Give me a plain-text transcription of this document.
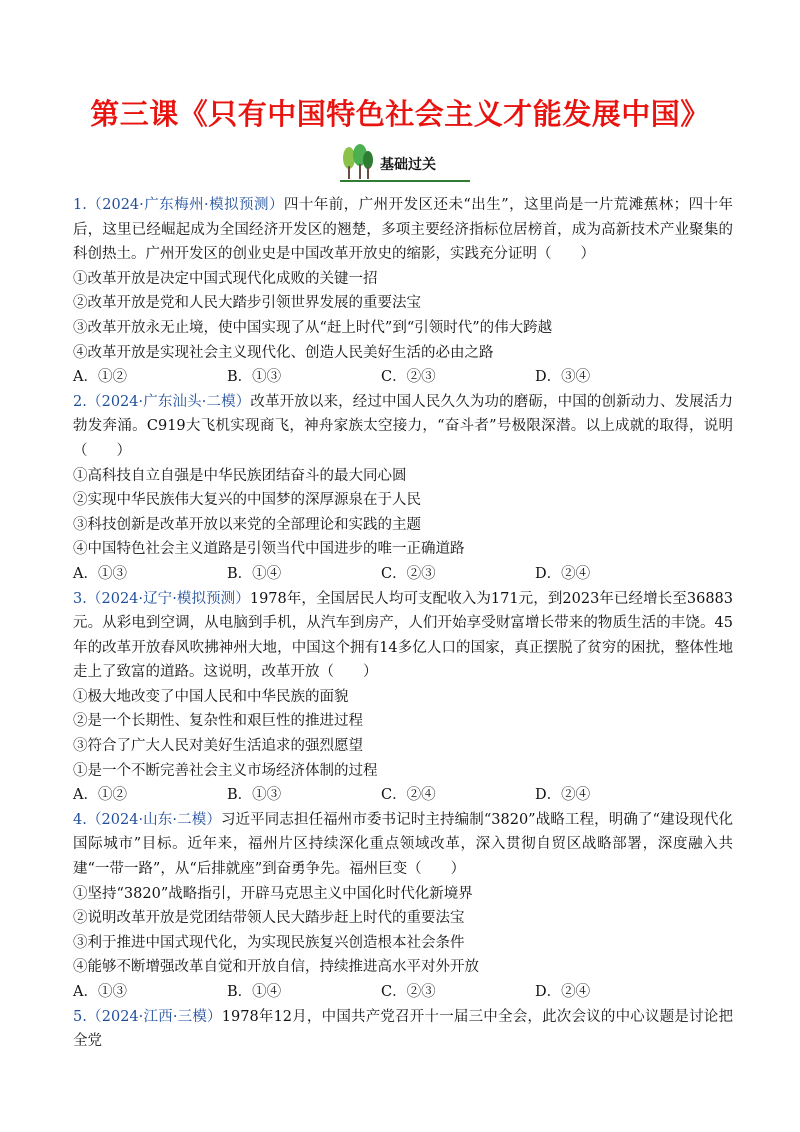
第三课《只有中国特色社会主义才能发展中国》
基础过关

1.（2024·广东梅州·模拟预测）四十年前，广州开发区还未“出生”，这里尚是一片荒滩蕉林；四十年后，这里已经崛起成为全国经济开发区的翘楚，多项主要经济指标位居榜首，成为高新技术产业聚集的科创热土。广州开发区的创业史是中国改革开放史的缩影，实践充分证明（　　）

①改革开放是决定中国式现代化成败的关键一招

②改革开放是党和人民大踏步引领世界发展的重要法宝

③改革开放永无止境，使中国实现了从“赶上时代”到“引领时代”的伟大跨越

④改革开放是实现社会主义现代化、创造人民美好生活的必由之路

A．①②	B．①③	C．②③	D．③④

2.（2024·广东汕头·二模）改革开放以来，经过中国人民久久为功的磨砺，中国的创新动力、发展活力勃发奔涌。C919大飞机实现商飞，神舟家族太空接力，“奋斗者”号极限深潜。以上成就的取得，说明（　　）

①高科技自立自强是中华民族团结奋斗的最大同心圆

②实现中华民族伟大复兴的中国梦的深厚源泉在于人民

③科技创新是改革开放以来党的全部理论和实践的主题

④中国特色社会主义道路是引领当代中国进步的唯一正确道路

A．①③	B．①④	C．②③	D．②④

3.（2024·辽宁·模拟预测）1978年，全国居民人均可支配收入为171元，到2023年已经增长至36883元。从彩电到空调，从电脑到手机，从汽车到房产，人们开始享受财富增长带来的物质生活的丰饶。45年的改革开放春风吹拂神州大地，中国这个拥有14多亿人口的国家，真正摆脱了贫穷的困扰，整体性地走上了致富的道路。这说明，改革开放（　　）

①极大地改变了中国人民和中华民族的面貌

②是一个长期性、复杂性和艰巨性的推进过程

③符合了广大人民对美好生活追求的强烈愿望

①是一个不断完善社会主义市场经济体制的过程

A．①②	B．①③	C．②④	D．②④

4.（2024·山东·二模）习近平同志担任福州市委书记时主持编制“3820”战略工程，明确了“建设现代化国际城市”目标。近年来，福州片区持续深化重点领域改革，深入贯彻自贸区战略部署，深度融入共建“一带一路”，从“后排就座”到奋勇争先。福州巨变（　　）

①坚持“3820”战略指引，开辟马克思主义中国化时代化新境界

②说明改革开放是党团结带领人民大踏步赶上时代的重要法宝

③利于推进中国式现代化，为实现民族复兴创造根本社会条件

④能够不断增强改革自觉和开放自信，持续推进高水平对外开放

A．①③	B．①④	C．②③	D．②④

5.（2024·江西·三模）1978年12月，中国共产党召开十一届三中全会，此次会议的中心议题是讨论把全党
